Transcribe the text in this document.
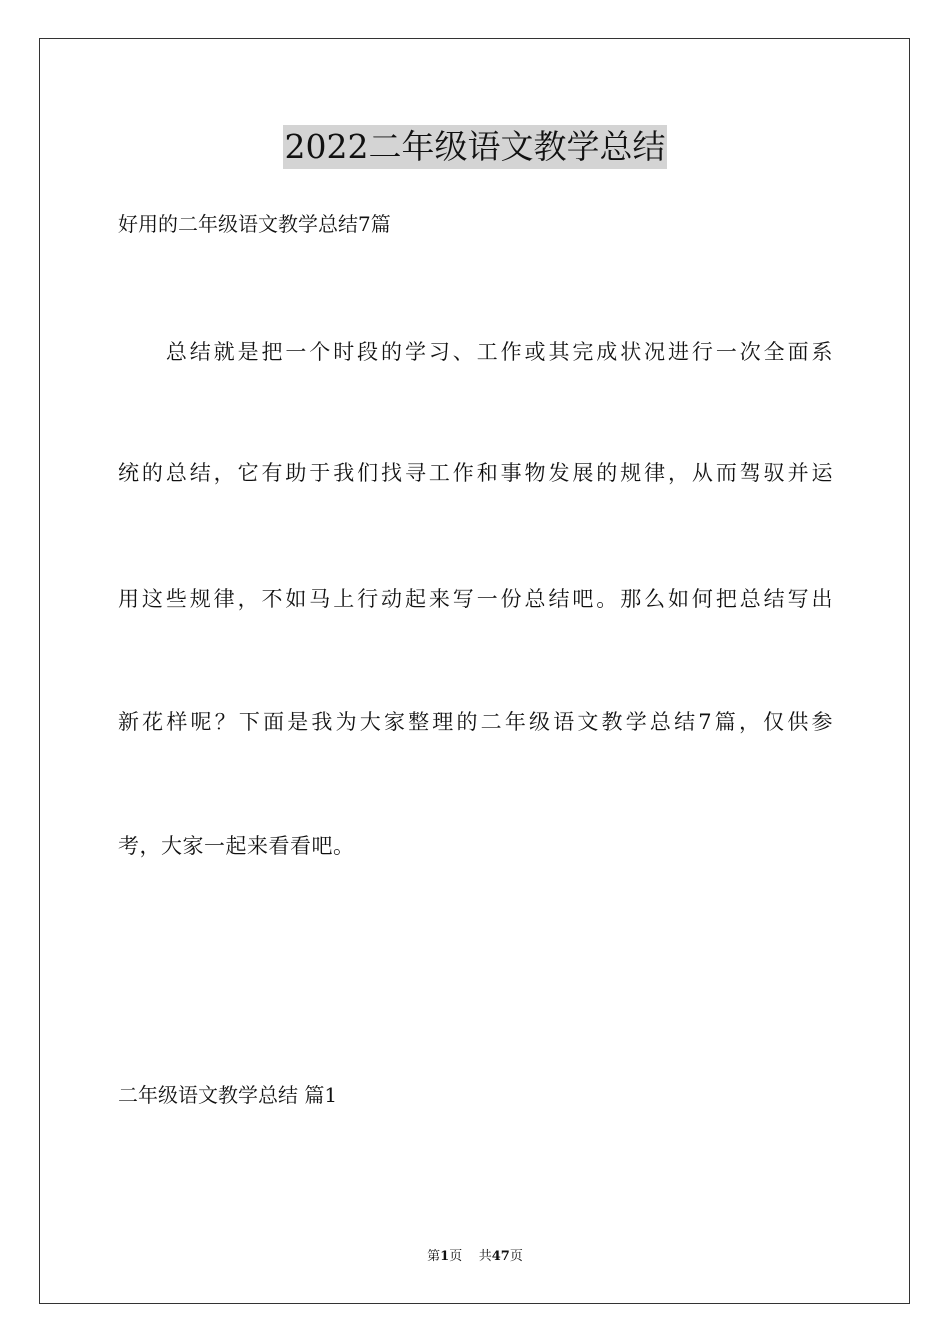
2022二年级语文教学总结
好用的二年级语文教学总结7篇
　　总结就是把一个时段的学习、工作或其完成状况进行一次全面系
统的总结，它有助于我们找寻工作和事物发展的规律，从而驾驭并运
用这些规律，不如马上行动起来写一份总结吧。那么如何把总结写出
新花样呢？下面是我为大家整理的二年级语文教学总结7篇，仅供参
考，大家一起来看看吧。
二年级语文教学总结 篇1
第1页 共47页
